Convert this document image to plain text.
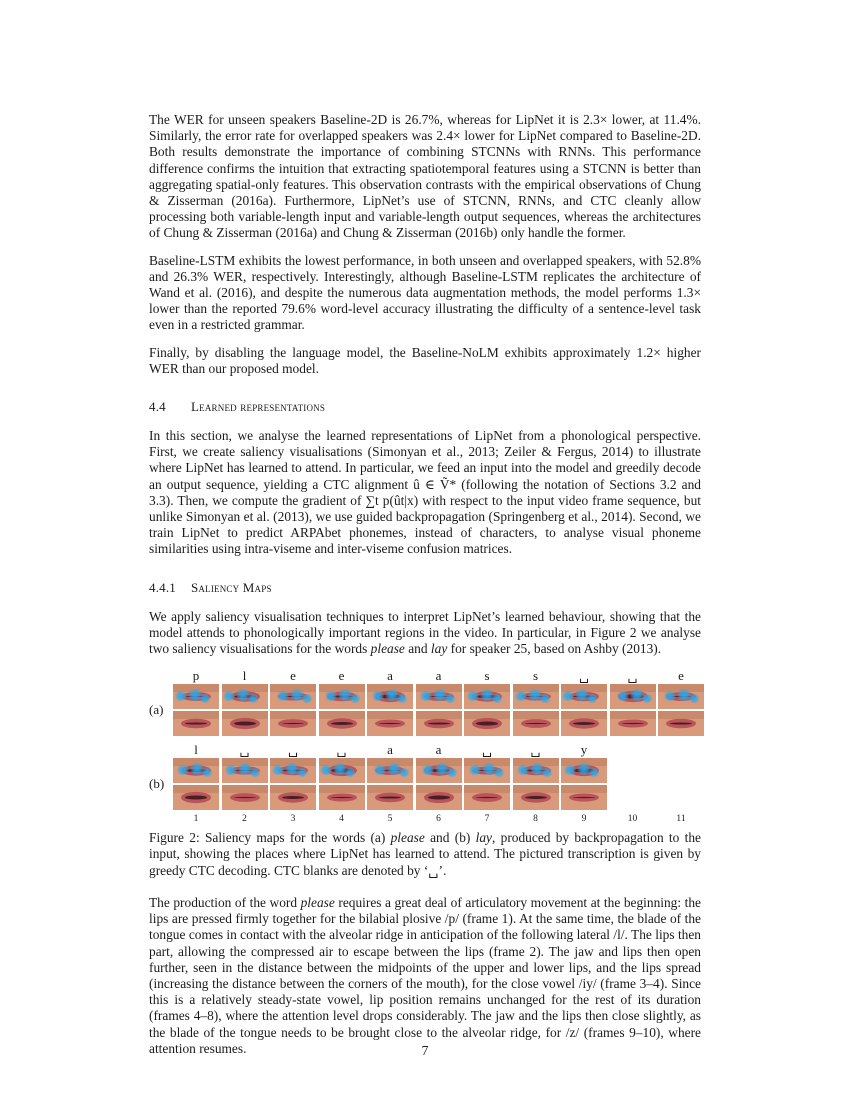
The WER for unseen speakers Baseline-2D is 26.7%, whereas for LipNet it is 2.3× lower, at 11.4%. Similarly, the error rate for overlapped speakers was 2.4× lower for LipNet compared to Baseline-2D. Both results demonstrate the importance of combining STCNNs with RNNs. This performance difference confirms the intuition that extracting spatiotemporal features using a STCNN is better than aggregating spatial-only features. This observation contrasts with the empirical observations of Chung & Zisserman (2016a). Furthermore, LipNet’s use of STCNN, RNNs, and CTC cleanly allow processing both variable-length input and variable-length output sequences, whereas the architectures of Chung & Zisserman (2016a) and Chung & Zisserman (2016b) only handle the former.

Baseline-LSTM exhibits the lowest performance, in both unseen and overlapped speakers, with 52.8% and 26.3% WER, respectively. Interestingly, although Baseline-LSTM replicates the architecture of Wand et al. (2016), and despite the numerous data augmentation methods, the model performs 1.3× lower than the reported 79.6% word-level accuracy illustrating the difficulty of a sentence-level task even in a restricted grammar.

Finally, by disabling the language model, the Baseline-NoLM exhibits approximately 1.2× higher WER than our proposed model.

4.4 Learned representations

In this section, we analyse the learned representations of LipNet from a phonological perspective. First, we create saliency visualisations (Simonyan et al., 2013; Zeiler & Fergus, 2014) to illustrate where LipNet has learned to attend. In particular, we feed an input into the model and greedily decode an output sequence, yielding a CTC alignment û ∈ Ṽ* (following the notation of Sections 3.2 and 3.3). Then, we compute the gradient of ∑t p(ût|x) with respect to the input video frame sequence, but unlike Simonyan et al. (2013), we use guided backpropagation (Springenberg et al., 2014). Second, we train LipNet to predict ARPAbet phonemes, instead of characters, to analyse visual phoneme similarities using intra-viseme and inter-viseme confusion matrices.

4.4.1 Saliency Maps

We apply saliency visualisation techniques to interpret LipNet’s learned behaviour, showing that the model attends to phonologically important regions in the video. In particular, in Figure 2 we analyse two saliency visualisations for the words please and lay for speaker 25, based on Ashby (2013).

p	l	e	e	a	a	s	s	␣	␣	e
(a)
l	␣	␣	␣	a	a	␣	␣	y
(b)
1	2	3	4	5	6	7	8	9	10	11

Figure 2: Saliency maps for the words (a) please and (b) lay, produced by backpropagation to the input, showing the places where LipNet has learned to attend. The pictured transcription is given by greedy CTC decoding. CTC blanks are denoted by ‘␣’.

The production of the word please requires a great deal of articulatory movement at the beginning: the lips are pressed firmly together for the bilabial plosive /p/ (frame 1). At the same time, the blade of the tongue comes in contact with the alveolar ridge in anticipation of the following lateral /l/. The lips then part, allowing the compressed air to escape between the lips (frame 2). The jaw and lips then open further, seen in the distance between the midpoints of the upper and lower lips, and the lips spread (increasing the distance between the corners of the mouth), for the close vowel /iy/ (frame 3–4). Since this is a relatively steady-state vowel, lip position remains unchanged for the rest of its duration (frames 4–8), where the attention level drops considerably. The jaw and the lips then close slightly, as the blade of the tongue needs to be brought close to the alveolar ridge, for /z/ (frames 9–10), where attention resumes.	7
